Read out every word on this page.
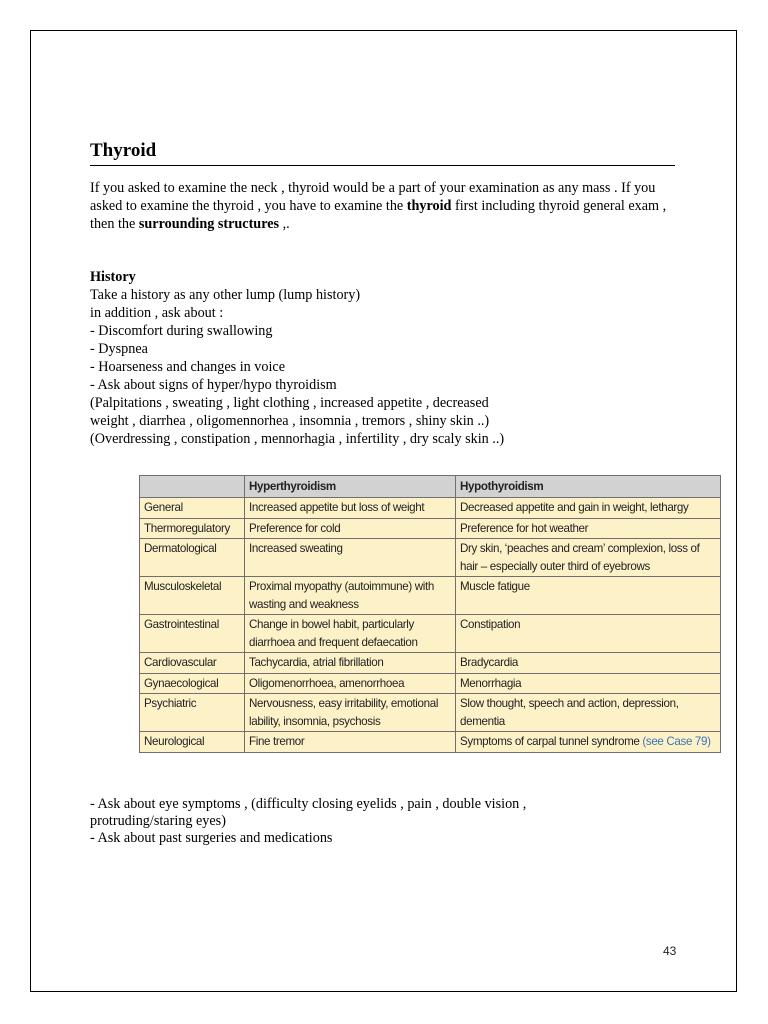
Thyroid

If you asked to examine the neck , thyroid would be a part of your examination as any mass . If you asked to examine the thyroid , you have to examine the thyroid first including thyroid general exam , then the surrounding structures ,.

History
Take a history as any other lump (lump history)
in addition , ask about :
- Discomfort during swallowing
- Dyspnea
- Hoarseness and changes in voice
- Ask about signs of hyper/hypo thyroidism
(Palpitations , sweating , light clothing , increased appetite , decreased
weight , diarrhea , oligomennorhea , insomnia , tremors , shiny skin ..)
(Overdressing , constipation , mennorhagia , infertility , dry scaly skin ..)
	Hyperthyroidism	Hypothyroidism
General	Increased appetite but loss of weight	Decreased appetite and gain in weight, lethargy
Thermoregulatory	Preference for cold	Preference for hot weather
Dermatological	Increased sweating	Dry skin, ‘peaches and cream’ complexion, loss of hair – especially outer third of eyebrows
Musculoskeletal	Proximal myopathy (autoimmune) with wasting and weakness	Muscle fatigue
Gastrointestinal	Change in bowel habit, particularly diarrhoea and frequent defaecation	Constipation
Cardiovascular	Tachycardia, atrial fibrillation	Bradycardia
Gynaecological	Oligomenorrhoea, amenorrhoea	Menorrhagia
Psychiatric	Nervousness, easy irritability, emotional lability, insomnia, psychosis	Slow thought, speech and action, depression, dementia
Neurological	Fine tremor	Symptoms of carpal tunnel syndrome (see Case 79)
- Ask about eye symptoms , (difficulty closing eyelids , pain , double vision , protruding/staring eyes)
- Ask about past surgeries and medications
43
